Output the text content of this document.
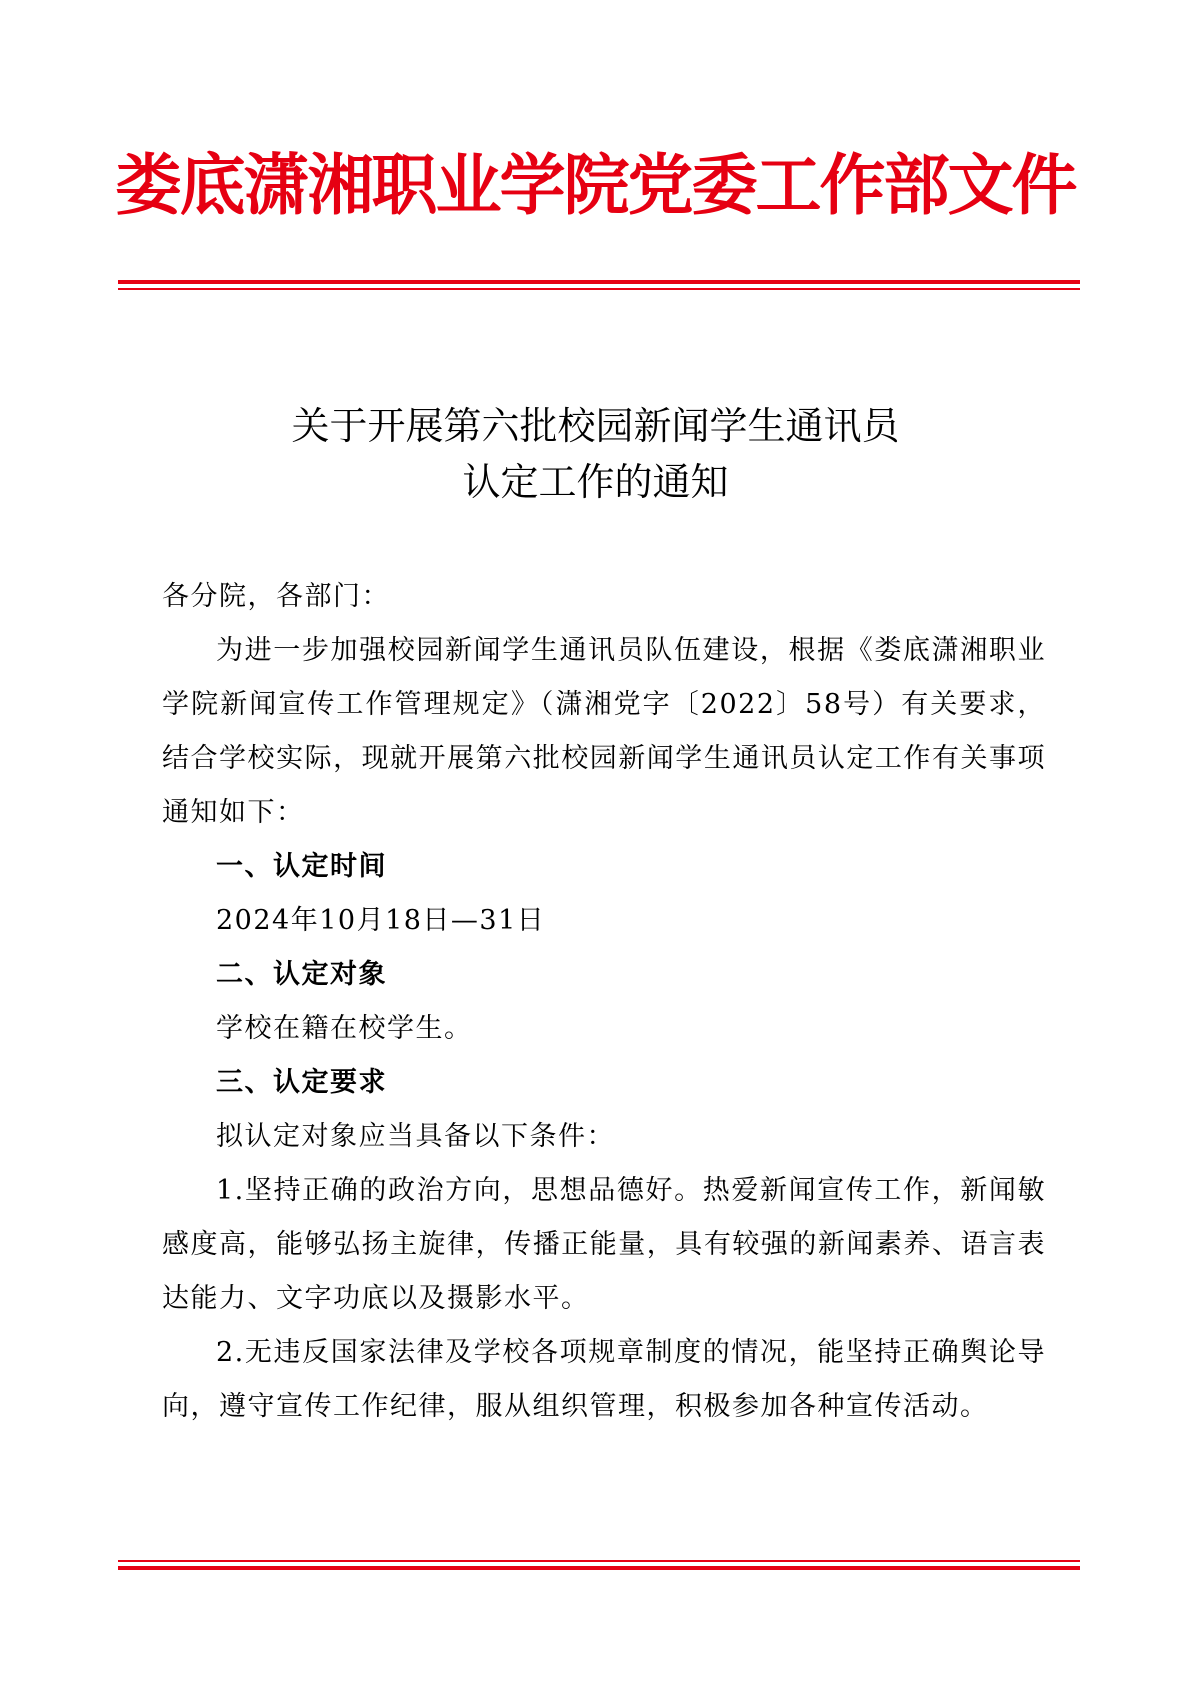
娄底潇湘职业学院党委工作部文件
关于开展第六批校园新闻学生通讯员
认定工作的通知

各分院，各部门：

为进一步加强校园新闻学生通讯员队伍建设，根据《娄底潇湘职业学院新闻宣传工作管理规定》（潇湘党字〔2022〕58号）有关要求，结合学校实际，现就开展第六批校园新闻学生通讯员认定工作有关事项通知如下：

一、认定时间

2024年10月18日—31日

二、认定对象

学校在籍在校学生。

三、认定要求

拟认定对象应当具备以下条件：

1.坚持正确的政治方向，思想品德好。热爱新闻宣传工作，新闻敏感度高，能够弘扬主旋律，传播正能量，具有较强的新闻素养、语言表达能力、文字功底以及摄影水平。

2.无违反国家法律及学校各项规章制度的情况，能坚持正确舆论导向，遵守宣传工作纪律，服从组织管理，积极参加各种宣传活动。
